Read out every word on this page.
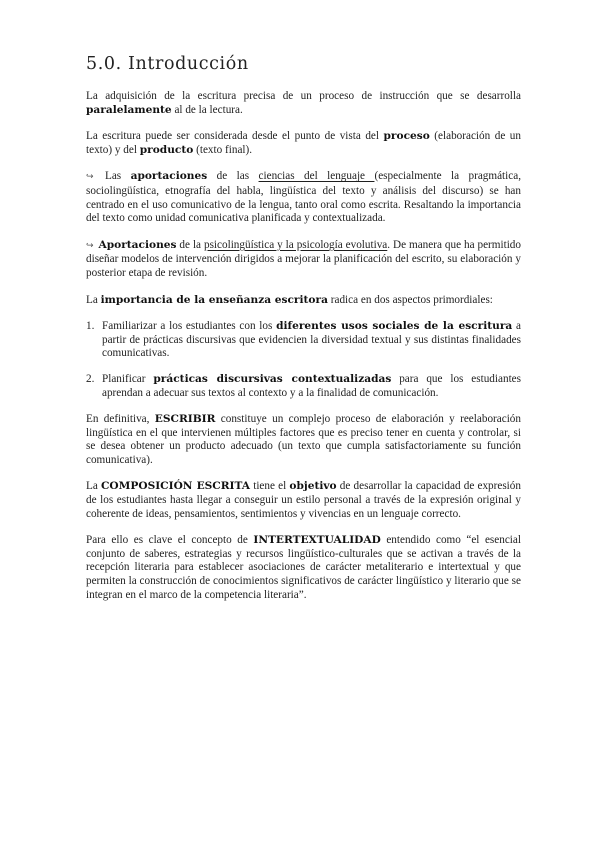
5.0. Introducción

La adquisición de la escritura precisa de un proceso de instrucción que se desarrolla paralelamente al de la lectura.

La escritura puede ser considerada desde el punto de vista del proceso (elaboración de un texto) y del producto (texto final).

↪ Las aportaciones de las ciencias del lenguaje (especialmente la pragmática, sociolingüística, etnografía del habla, lingüística del texto y análisis del discurso) se han centrado en el uso comunicativo de la lengua, tanto oral como escrita. Resaltando la importancia del texto como unidad comunicativa planificada y contextualizada.

↪ Aportaciones de la psicolingüística y la psicología evolutiva. De manera que ha permitido diseñar modelos de intervención dirigidos a mejorar la planificación del escrito, su elaboración y posterior etapa de revisión.

La importancia de la enseñanza escritora radica en dos aspectos primordiales:

1. Familiarizar a los estudiantes con los diferentes usos sociales de la escritura a partir de prácticas discursivas que evidencien la diversidad textual y sus distintas finalidades comunicativas.
2. Planificar prácticas discursivas contextualizadas para que los estudiantes aprendan a adecuar sus textos al contexto y a la finalidad de comunicación.

En definitiva, ESCRIBIR constituye un complejo proceso de elaboración y reelaboración lingüística en el que intervienen múltiples factores que es preciso tener en cuenta y controlar, si se desea obtener un producto adecuado (un texto que cumpla satisfactoriamente su función comunicativa).

La COMPOSICIÓN ESCRITA tiene el objetivo de desarrollar la capacidad de expresión de los estudiantes hasta llegar a conseguir un estilo personal a través de la expresión original y coherente de ideas, pensamientos, sentimientos y vivencias en un lenguaje correcto.

Para ello es clave el concepto de INTERTEXTUALIDAD entendido como “el esencial conjunto de saberes, estrategias y recursos lingüístico-culturales que se activan a través de la recepción literaria para establecer asociaciones de carácter metaliterario e intertextual y que permiten la construcción de conocimientos significativos de carácter lingüístico y literario que se integran en el marco de la competencia literaria”.
